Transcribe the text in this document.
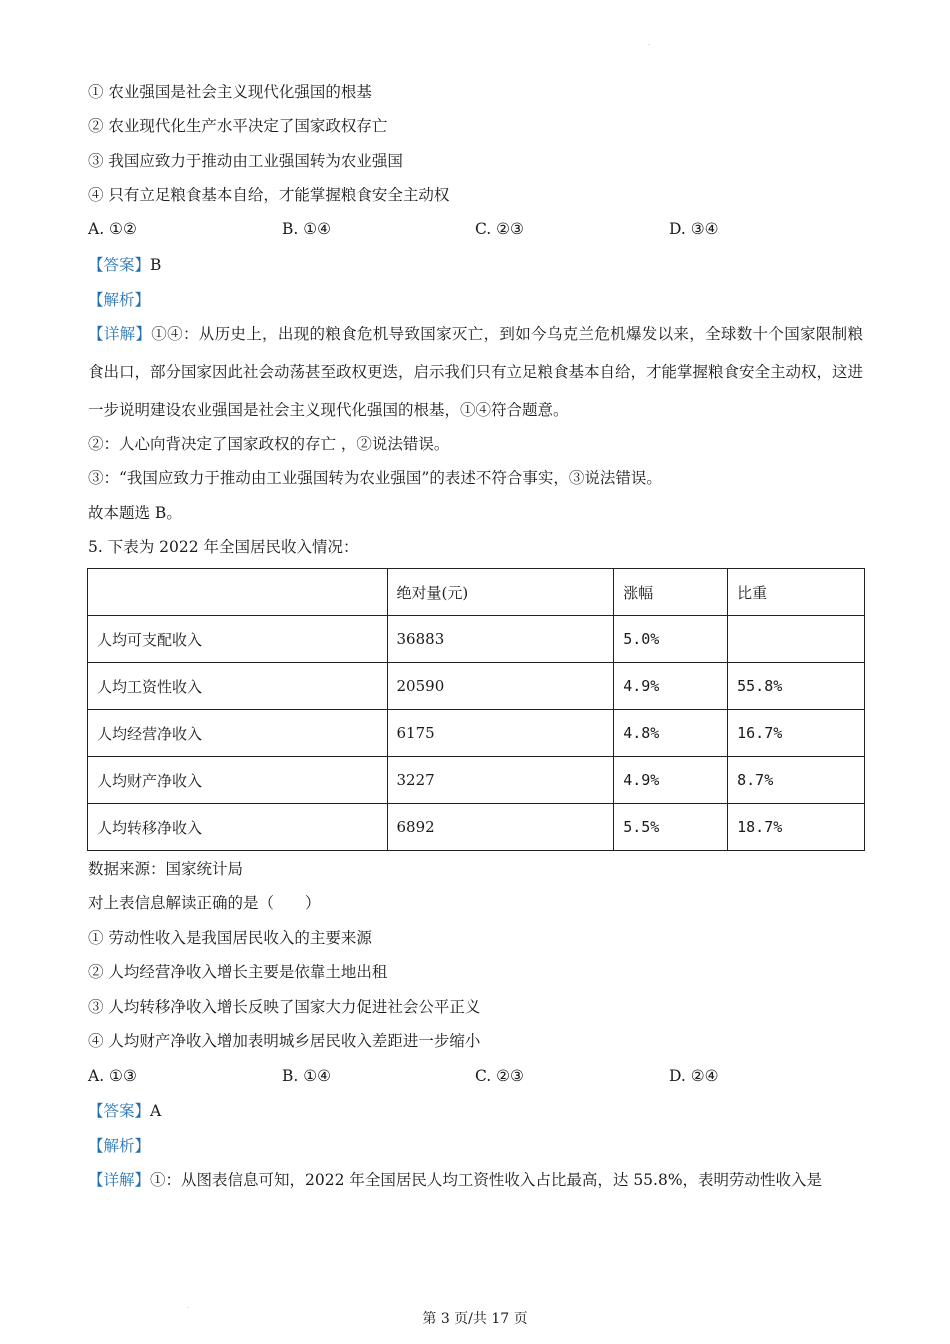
① 农业强国是社会主义现代化强国的根基
② 农业现代化生产水平决定了国家政权存亡
③ 我国应致力于推动由工业强国转为农业强国
④ 只有立足粮食基本自给，才能掌握粮食安全主动权
A. ①②	B. ①④	C. ②③	D. ③④
【答案】B
【解析】
【详解】①④：从历史上，出现的粮食危机导致国家灭亡，到如今乌克兰危机爆发以来，全球数十个国家限制粮食出口，部分国家因此社会动荡甚至政权更迭，启示我们只有立足粮食基本自给，才能掌握粮食安全主动权，这进一步说明建设农业强国是社会主义现代化强国的根基，①④符合题意。
②：人心向背决定了国家政权的存亡 ，②说法错误。
③：“我国应致力于推动由工业强国转为农业强国”的表述不符合事实，③说法错误。
故本题选 B。
5. 下表为 2022 年全国居民收入情况：
	绝对量(元)	涨幅	比重
人均可支配收入	36883	5.0%	
人均工资性收入	20590	4.9%	55.8%
人均经营净收入	6175	4.8%	16.7%
人均财产净收入	3227	4.9%	8.7%
人均转移净收入	6892	5.5%	18.7%
数据来源：国家统计局
对上表信息解读正确的是（　　）
① 劳动性收入是我国居民收入的主要来源
② 人均经营净收入增长主要是依靠土地出租
③ 人均转移净收入增长反映了国家大力促进社会公平正义
④ 人均财产净收入增加表明城乡居民收入差距进一步缩小
A. ①③	B. ①④	C. ②③	D. ②④
【答案】A
【解析】
【详解】①：从图表信息可知，2022 年全国居民人均工资性收入占比最高，达 55.8%，表明劳动性收入是
第 3 页/共 17 页
.
.
